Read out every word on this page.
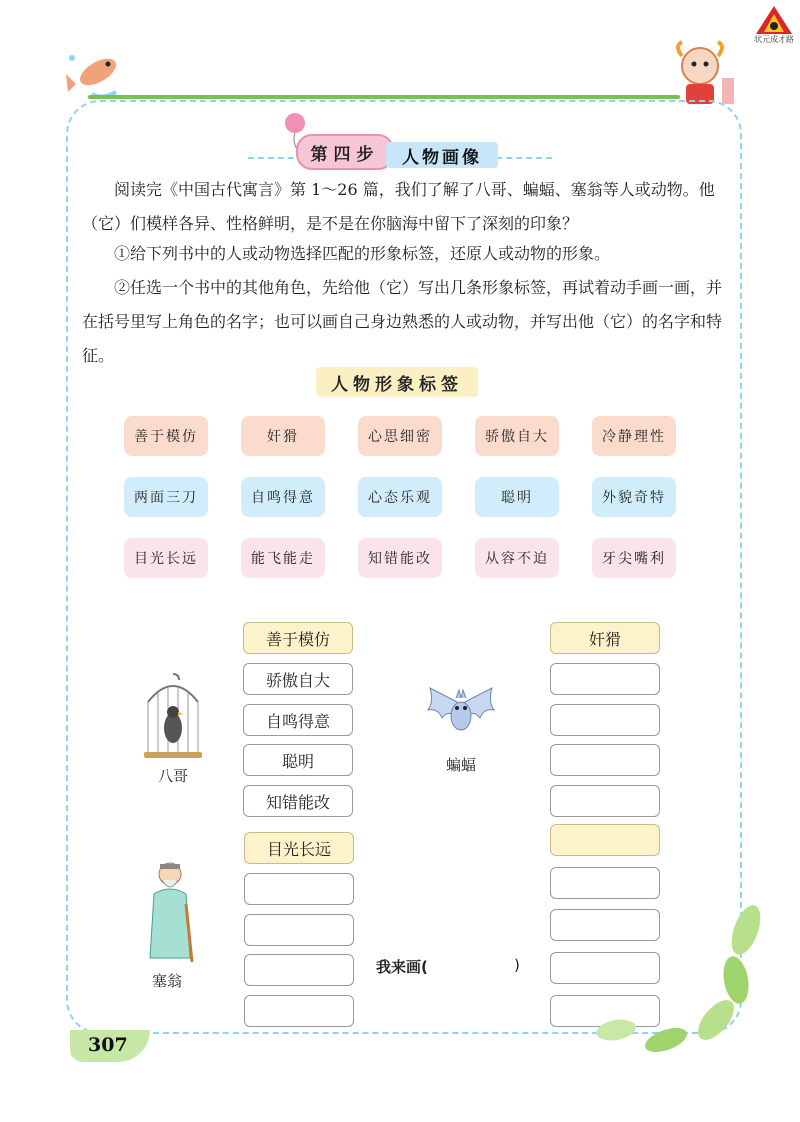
状元成才路
第四步	人物画像
阅读完《中国古代寓言》第 1～26 篇，我们了解了八哥、蝙蝠、塞翁等人或动物。他（它）们模样各异、性格鲜明，是不是在你脑海中留下了深刻的印象？
①给下列书中的人或动物选择匹配的形象标签，还原人或动物的形象。
②任选一个书中的其他角色，先给他（它）写出几条形象标签，再试着动手画一画，并在括号里写上角色的名字；也可以画自己身边熟悉的人或动物，并写出他（它）的名字和特征。
人物形象标签
善于模仿	奸猾	心思细密	骄傲自大	冷静理性
两面三刀	自鸣得意	心态乐观	聪明	外貌奇特
目光长远	能飞能走	知错能改	从容不迫	牙尖嘴利
善于模仿
骄傲自大
自鸣得意
聪明
知错能改
八哥
奸猾
蝙蝠
目光长远
塞翁
我来画(	)
307
